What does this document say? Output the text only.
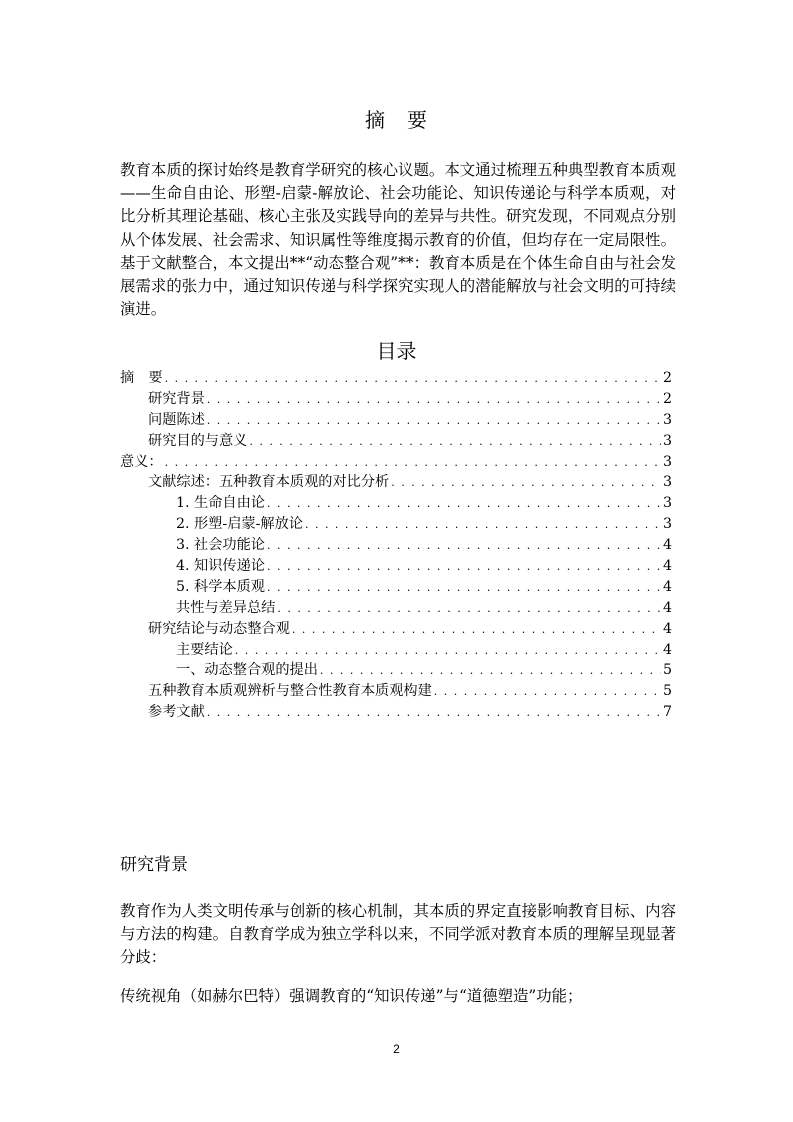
摘　要

教育本质的探讨始终是教育学研究的核心议题。本文通过梳理五种典型教育本质观——生命自由论、形塑-启蒙-解放论、社会功能论、知识传递论与科学本质观，对比分析其理论基础、核心主张及实践导向的差异与共性。研究发现，不同观点分别从个体发展、社会需求、知识属性等维度揭示教育的价值，但均存在一定局限性。基于文献整合，本文提出**“动态整合观”**：教育本质是在个体生命自由与社会发展需求的张力中，通过知识传递与科学探究实现人的潜能解放与社会文明的可持续演进。

目录
摘　要 . . .	2
研究背景 . . .	2
问题陈述 . . .	3
研究目的与意义 . . .	3
意义： . . .	3
文献综述：五种教育本质观的对比分析 . . .	3
1. 生命自由论 . . .	3
2. 形塑-启蒙-解放论 . . .	3
3. 社会功能论 . . .	4
4. 知识传递论 . . .	4
5. 科学本质观 . . .	4
共性与差异总结 . . .	4
研究结论与动态整合观 . . .	4
主要结论 . . .	4
一、动态整合观的提出 . . .	5
五种教育本质观辨析与整合性教育本质观构建 . . .	5
参考文献 . . .	7
研究背景

教育作为人类文明传承与创新的核心机制，其本质的界定直接影响教育目标、内容与方法的构建。自教育学成为独立学科以来，不同学派对教育本质的理解呈现显著分歧：

传统视角（如赫尔巴特）强调教育的“知识传递”与“道德塑造”功能；

2
